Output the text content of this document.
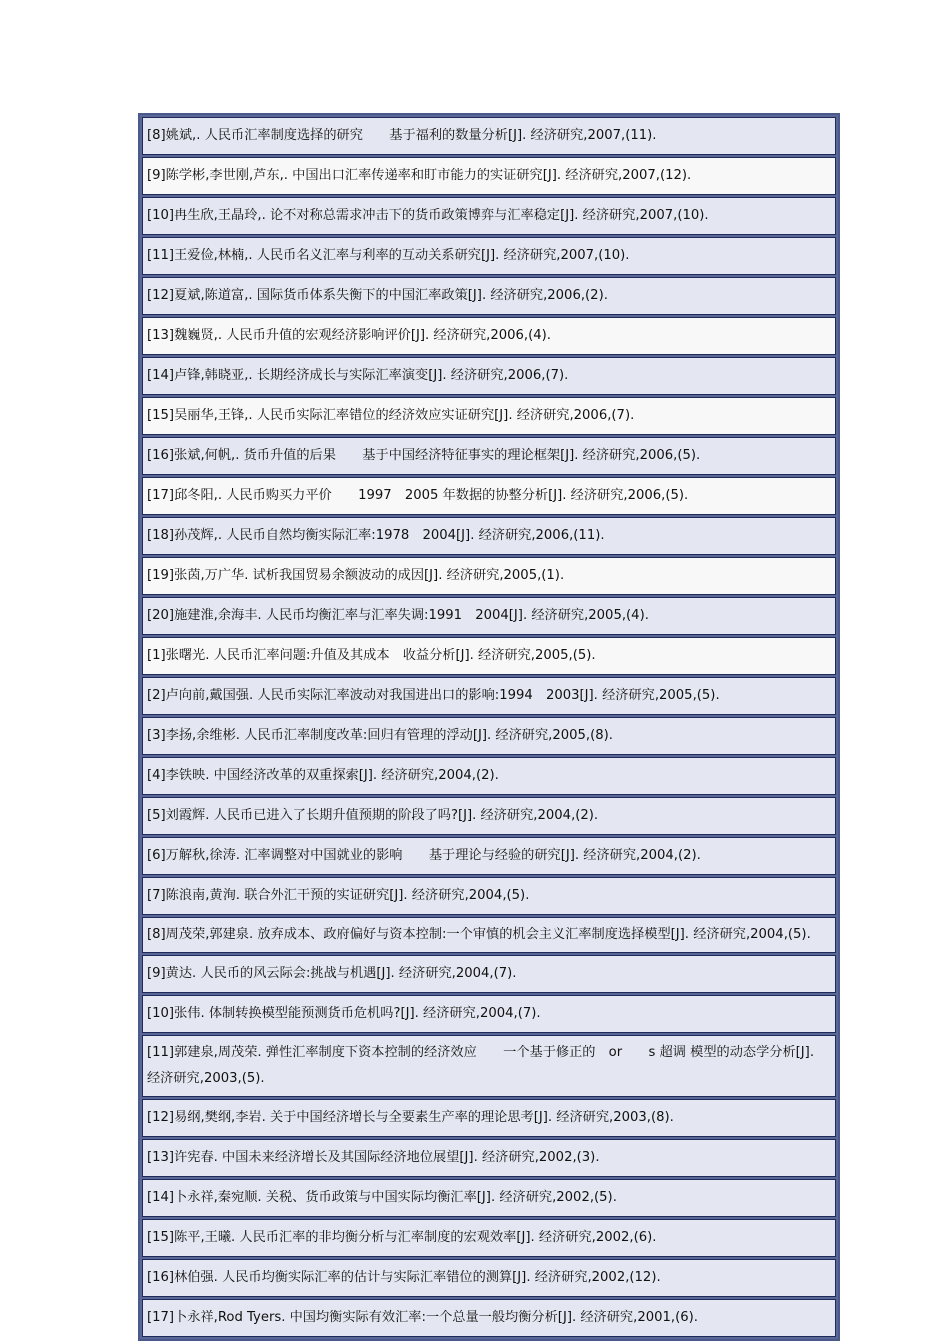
[8]姚斌,. 人民币汇率制度选择的研究　　基于福利的数量分析[J]. 经济研究,2007,(11).
[9]陈学彬,李世刚,芦东,. 中国出口汇率传递率和盯市能力的实证研究[J]. 经济研究,2007,(12).
[10]冉生欣,王晶玲,. 论不对称总需求冲击下的货币政策博弈与汇率稳定[J]. 经济研究,2007,(10).
[11]王爱俭,林楠,. 人民币名义汇率与利率的互动关系研究[J]. 经济研究,2007,(10).
[12]夏斌,陈道富,. 国际货币体系失衡下的中国汇率政策[J]. 经济研究,2006,(2).
[13]魏巍贤,. 人民币升值的宏观经济影响评价[J]. 经济研究,2006,(4).
[14]卢锋,韩晓亚,. 长期经济成长与实际汇率演变[J]. 经济研究,2006,(7).
[15]吴丽华,王锋,. 人民币实际汇率错位的经济效应实证研究[J]. 经济研究,2006,(7).
[16]张斌,何帆,. 货币升值的后果　　基于中国经济特征事实的理论框架[J]. 经济研究,2006,(5).
[17]邱冬阳,. 人民币购买力平价　　1997　2005 年数据的协整分析[J]. 经济研究,2006,(5).
[18]孙茂辉,. 人民币自然均衡实际汇率:1978　2004[J]. 经济研究,2006,(11).
[19]张茵,万广华. 试析我国贸易余额波动的成因[J]. 经济研究,2005,(1).
[20]施建淮,余海丰. 人民币均衡汇率与汇率失调:1991　2004[J]. 经济研究,2005,(4).
[1]张曙光. 人民币汇率问题:升值及其成本　收益分析[J]. 经济研究,2005,(5).
[2]卢向前,戴国强. 人民币实际汇率波动对我国进出口的影响:1994　2003[J]. 经济研究,2005,(5).
[3]李扬,余维彬. 人民币汇率制度改革:回归有管理的浮动[J]. 经济研究,2005,(8).
[4]李铁映. 中国经济改革的双重探索[J]. 经济研究,2004,(2).
[5]刘霞辉. 人民币已进入了长期升值预期的阶段了吗?[J]. 经济研究,2004,(2).
[6]万解秋,徐涛. 汇率调整对中国就业的影响　　基于理论与经验的研究[J]. 经济研究,2004,(2).
[7]陈浪南,黄洵. 联合外汇干预的实证研究[J]. 经济研究,2004,(5).
[8]周茂荣,郭建泉. 放弃成本、政府偏好与资本控制:一个审慎的机会主义汇率制度选择模型[J]. 经济研究,2004,(5).
[9]黄达. 人民币的风云际会:挑战与机遇[J]. 经济研究,2004,(7).
[10]张伟. 体制转换模型能预测货币危机吗?[J]. 经济研究,2004,(7).
[11]郭建泉,周茂荣. 弹性汇率制度下资本控制的经济效应　　一个基于修正的　or　　s 超调 模型的动态学分析[J]. 经济研究,2003,(5).
[12]易纲,樊纲,李岩. 关于中国经济增长与全要素生产率的理论思考[J]. 经济研究,2003,(8).
[13]许宪春. 中国未来经济增长及其国际经济地位展望[J]. 经济研究,2002,(3).
[14]卜永祥,秦宛顺. 关税、货币政策与中国实际均衡汇率[J]. 经济研究,2002,(5).
[15]陈平,王曦. 人民币汇率的非均衡分析与汇率制度的宏观效率[J]. 经济研究,2002,(6).
[16]林伯强. 人民币均衡实际汇率的估计与实际汇率错位的测算[J]. 经济研究,2002,(12).
[17]卜永祥,Rod Tyers. 中国均衡实际有效汇率:一个总量一般均衡分析[J]. 经济研究,2001,(6).
